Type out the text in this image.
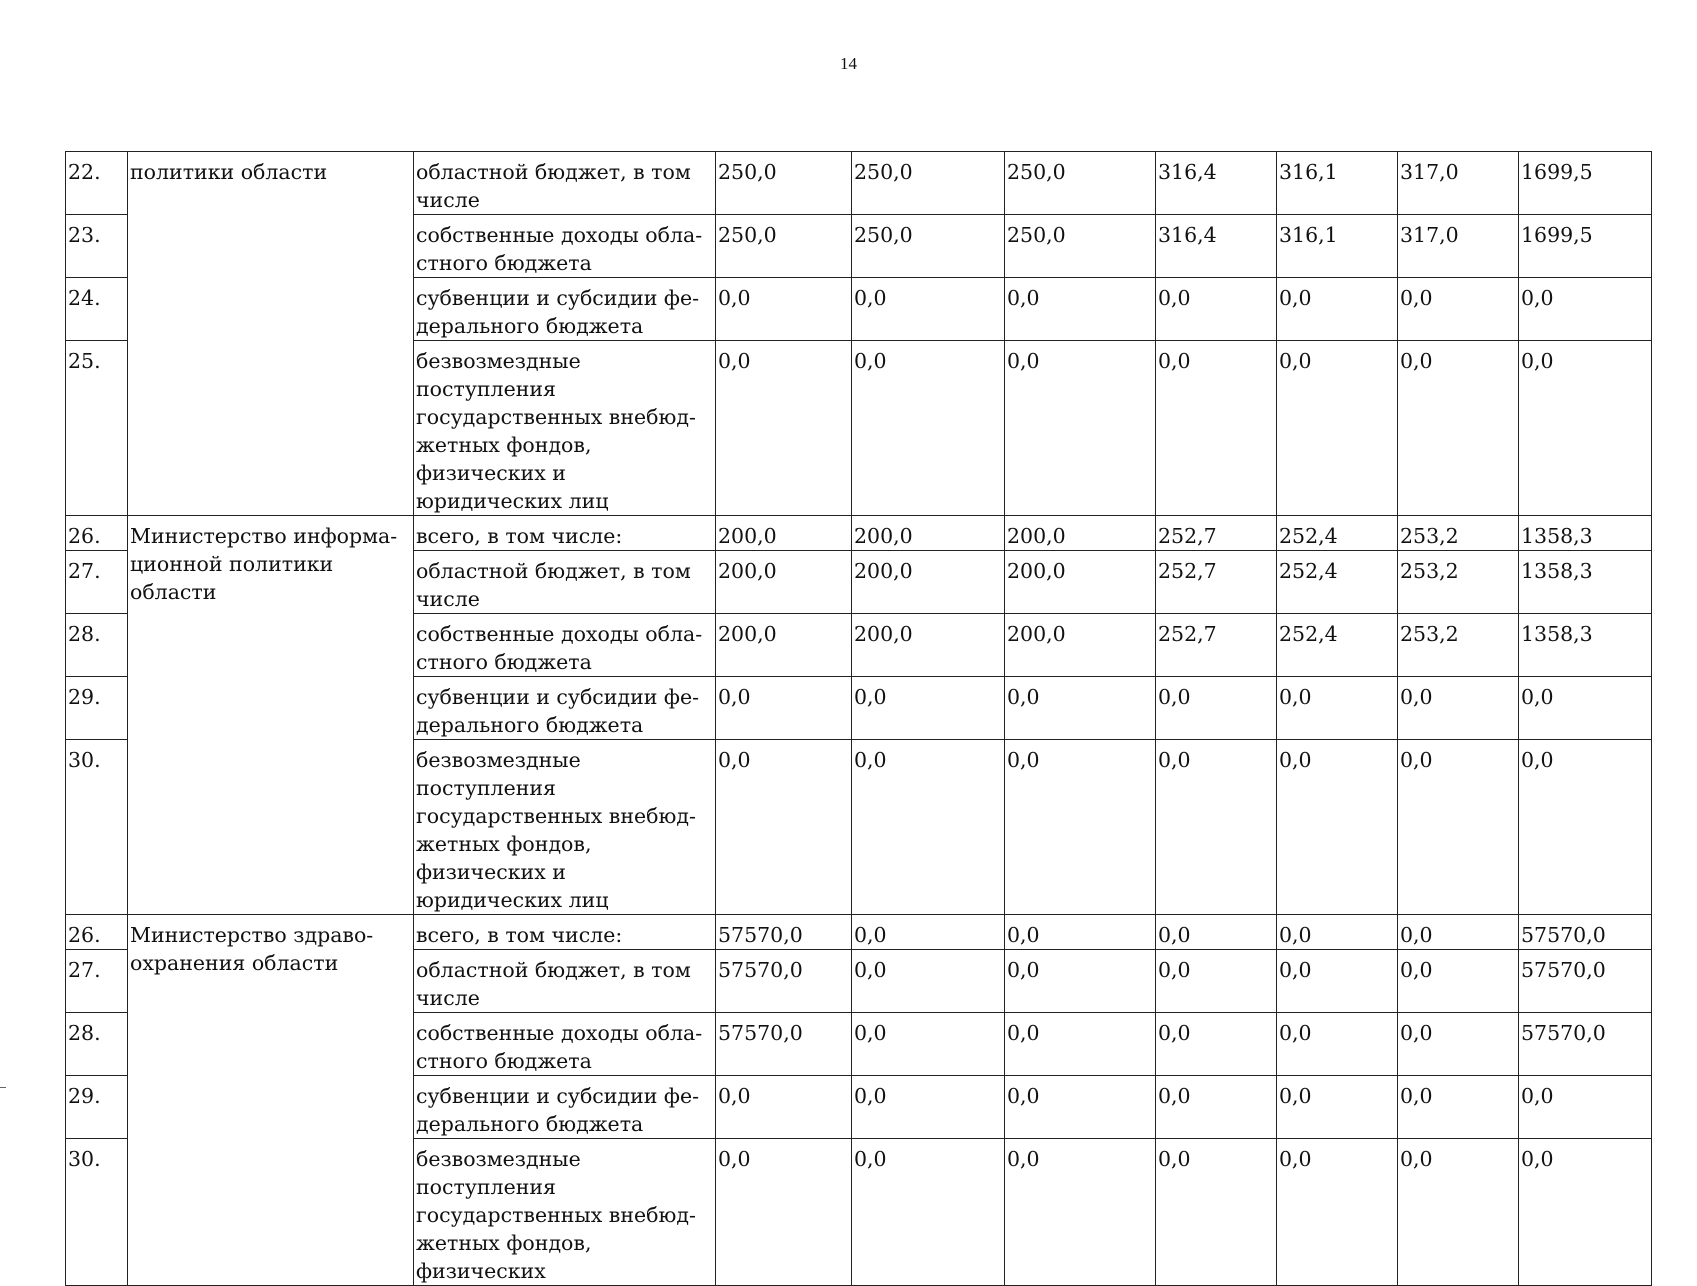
14
22.	политики области	областной бюджет, в том числе	250,0	250,0	250,0	316,4	316,1	317,0	1699,5
23.		собственные доходы обла-стного бюджета	250,0	250,0	250,0	316,4	316,1	317,0	1699,5
24.		субвенции и субсидии фе-дерального бюджета	0,0	0,0	0,0	0,0	0,0	0,0	0,0
25.		безвозмездные поступления государственных внебюд-жетных фондов, физических и юридических лиц	0,0	0,0	0,0	0,0	0,0	0,0	0,0
26.	Министерство информа-ционной политики области	всего, в том числе:	200,0	200,0	200,0	252,7	252,4	253,2	1358,3
27.		областной бюджет, в том числе	200,0	200,0	200,0	252,7	252,4	253,2	1358,3
28.		собственные доходы обла-стного бюджета	200,0	200,0	200,0	252,7	252,4	253,2	1358,3
29.		субвенции и субсидии фе-дерального бюджета	0,0	0,0	0,0	0,0	0,0	0,0	0,0
30.		безвозмездные поступления государственных внебюд-жетных фондов, физических и юридических лиц	0,0	0,0	0,0	0,0	0,0	0,0	0,0
26.	Министерство здраво-охранения области	всего, в том числе:	57570,0	0,0	0,0	0,0	0,0	0,0	57570,0
27.		областной бюджет, в том числе	57570,0	0,0	0,0	0,0	0,0	0,0	57570,0
28.		собственные доходы обла-стного бюджета	57570,0	0,0	0,0	0,0	0,0	0,0	57570,0
29.		субвенции и субсидии фе-дерального бюджета	0,0	0,0	0,0	0,0	0,0	0,0	0,0
30.		безвозмездные поступления государственных внебюд-жетных фондов, физических	0,0	0,0	0,0	0,0	0,0	0,0	0,0
